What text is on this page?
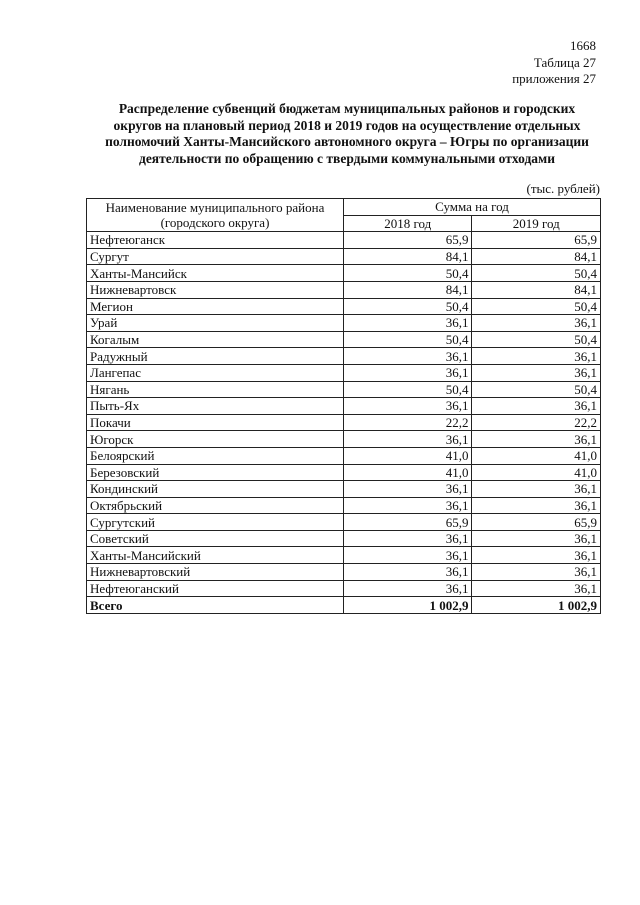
1668
Таблица 27
приложения 27
Распределение субвенций бюджетам муниципальных районов и городских
округов на плановый период 2018 и 2019 годов на осуществление отдельных
полномочий Ханты-Мансийского автономного округа – Югры по организации
деятельности по обращению с твердыми коммунальными отходами
(тыс. рублей)
Наименование муниципального района
(городского округа)	Сумма на год	
	2018 год	2019 год
Нефтеюганск	65,9	65,9
Сургут	84,1	84,1
Ханты-Мансийск	50,4	50,4
Нижневартовск	84,1	84,1
Мегион	50,4	50,4
Урай	36,1	36,1
Когалым	50,4	50,4
Радужный	36,1	36,1
Лангепас	36,1	36,1
Нягань	50,4	50,4
Пыть-Ях	36,1	36,1
Покачи	22,2	22,2
Югорск	36,1	36,1
Белоярский	41,0	41,0
Березовский	41,0	41,0
Кондинский	36,1	36,1
Октябрьский	36,1	36,1
Сургутский	65,9	65,9
Советский	36,1	36,1
Ханты-Мансийский	36,1	36,1
Нижневартовский	36,1	36,1
Нефтеюганский	36,1	36,1
Всего	1 002,9	1 002,9
